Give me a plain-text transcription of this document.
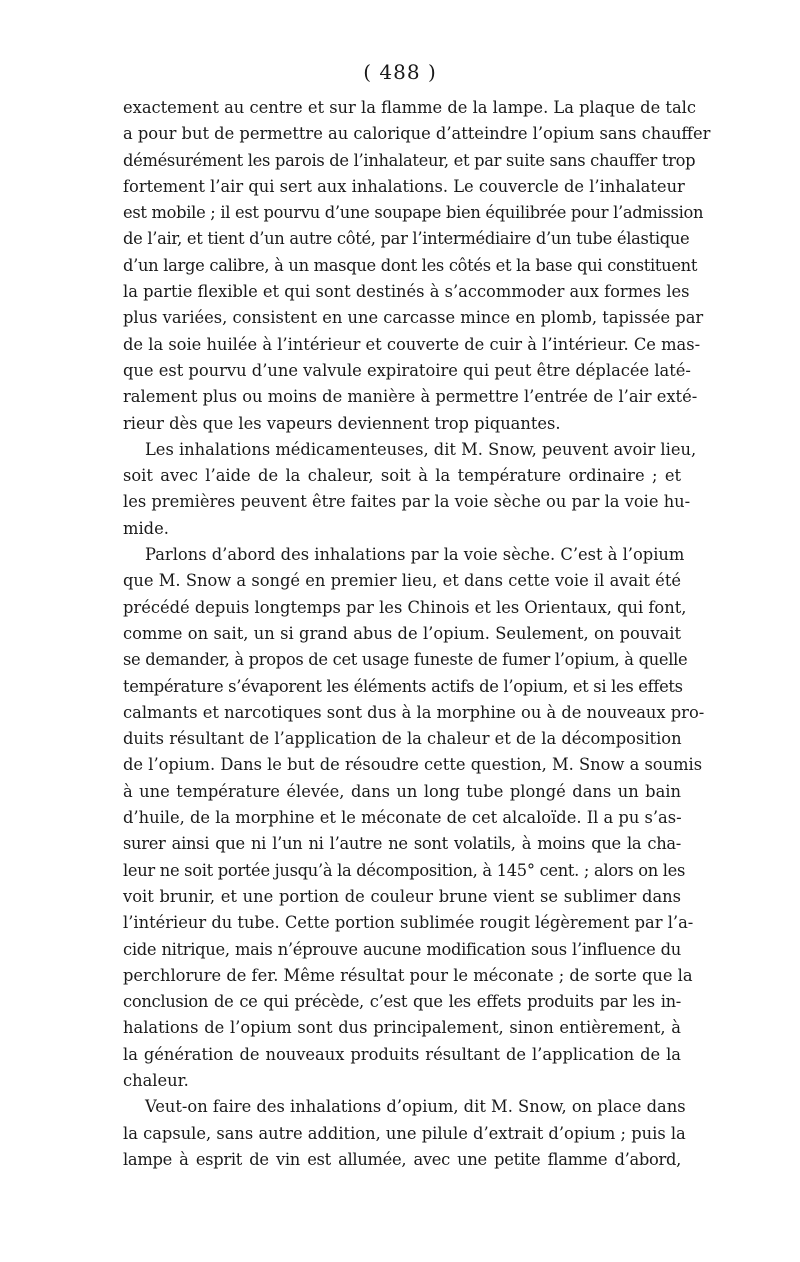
( 488 )
exactement au centre et sur la flamme de la lampe. La plaque de talc
a pour but de permettre au calorique d’atteindre l’opium sans chauffer
démésurément les parois de l’inhalateur, et par suite sans chauffer trop
fortement l’air qui sert aux inhalations. Le couvercle de l’inhalateur
est mobile ; il est pourvu d’une soupape bien équilibrée pour l’admission
de l’air, et tient d’un autre côté, par l’intermédiaire d’un tube élastique
d’un large calibre, à un masque dont les côtés et la base qui constituent
la partie flexible et qui sont destinés à s’accommoder aux formes les
plus variées, consistent en une carcasse mince en plomb, tapissée par
de la soie huilée à l’intérieur et couverte de cuir à l’intérieur. Ce mas-
que est pourvu d’une valvule expiratoire qui peut être déplacée laté-
ralement plus ou moins de manière à permettre l’entrée de l’air exté-
rieur dès que les vapeurs deviennent trop piquantes.
Les inhalations médicamenteuses, dit M. Snow, peuvent avoir lieu,
soit avec l’aide de la chaleur, soit à la température ordinaire ; et
les premières peuvent être faites par la voie sèche ou par la voie hu-
mide.
Parlons d’abord des inhalations par la voie sèche. C’est à l’opium
que M. Snow a songé en premier lieu, et dans cette voie il avait été
précédé depuis longtemps par les Chinois et les Orientaux, qui font,
comme on sait, un si grand abus de l’opium. Seulement, on pouvait
se demander, à propos de cet usage funeste de fumer l’opium, à quelle
température s’évaporent les éléments actifs de l’opium, et si les effets
calmants et narcotiques sont dus à la morphine ou à de nouveaux pro-
duits résultant de l’application de la chaleur et de la décomposition
de l’opium. Dans le but de résoudre cette question, M. Snow a soumis
à une température élevée, dans un long tube plongé dans un bain
d’huile, de la morphine et le méconate de cet alcaloïde. Il a pu s’as-
surer ainsi que ni l’un ni l’autre ne sont volatils, à moins que la cha-
leur ne soit portée jusqu’à la décomposition, à 145° cent. ; alors on les
voit brunir, et une portion de couleur brune vient se sublimer dans
l’intérieur du tube. Cette portion sublimée rougit légèrement par l’a-
cide nitrique, mais n’éprouve aucune modification sous l’influence du
perchlorure de fer. Même résultat pour le méconate ; de sorte que la
conclusion de ce qui précède, c’est que les effets produits par les in-
halations de l’opium sont dus principalement, sinon entièrement, à
la génération de nouveaux produits résultant de l’application de la
chaleur.
Veut-on faire des inhalations d’opium, dit M. Snow, on place dans
la capsule, sans autre addition, une pilule d’extrait d’opium ; puis la
lampe à esprit de vin est allumée, avec une petite flamme d’abord,
